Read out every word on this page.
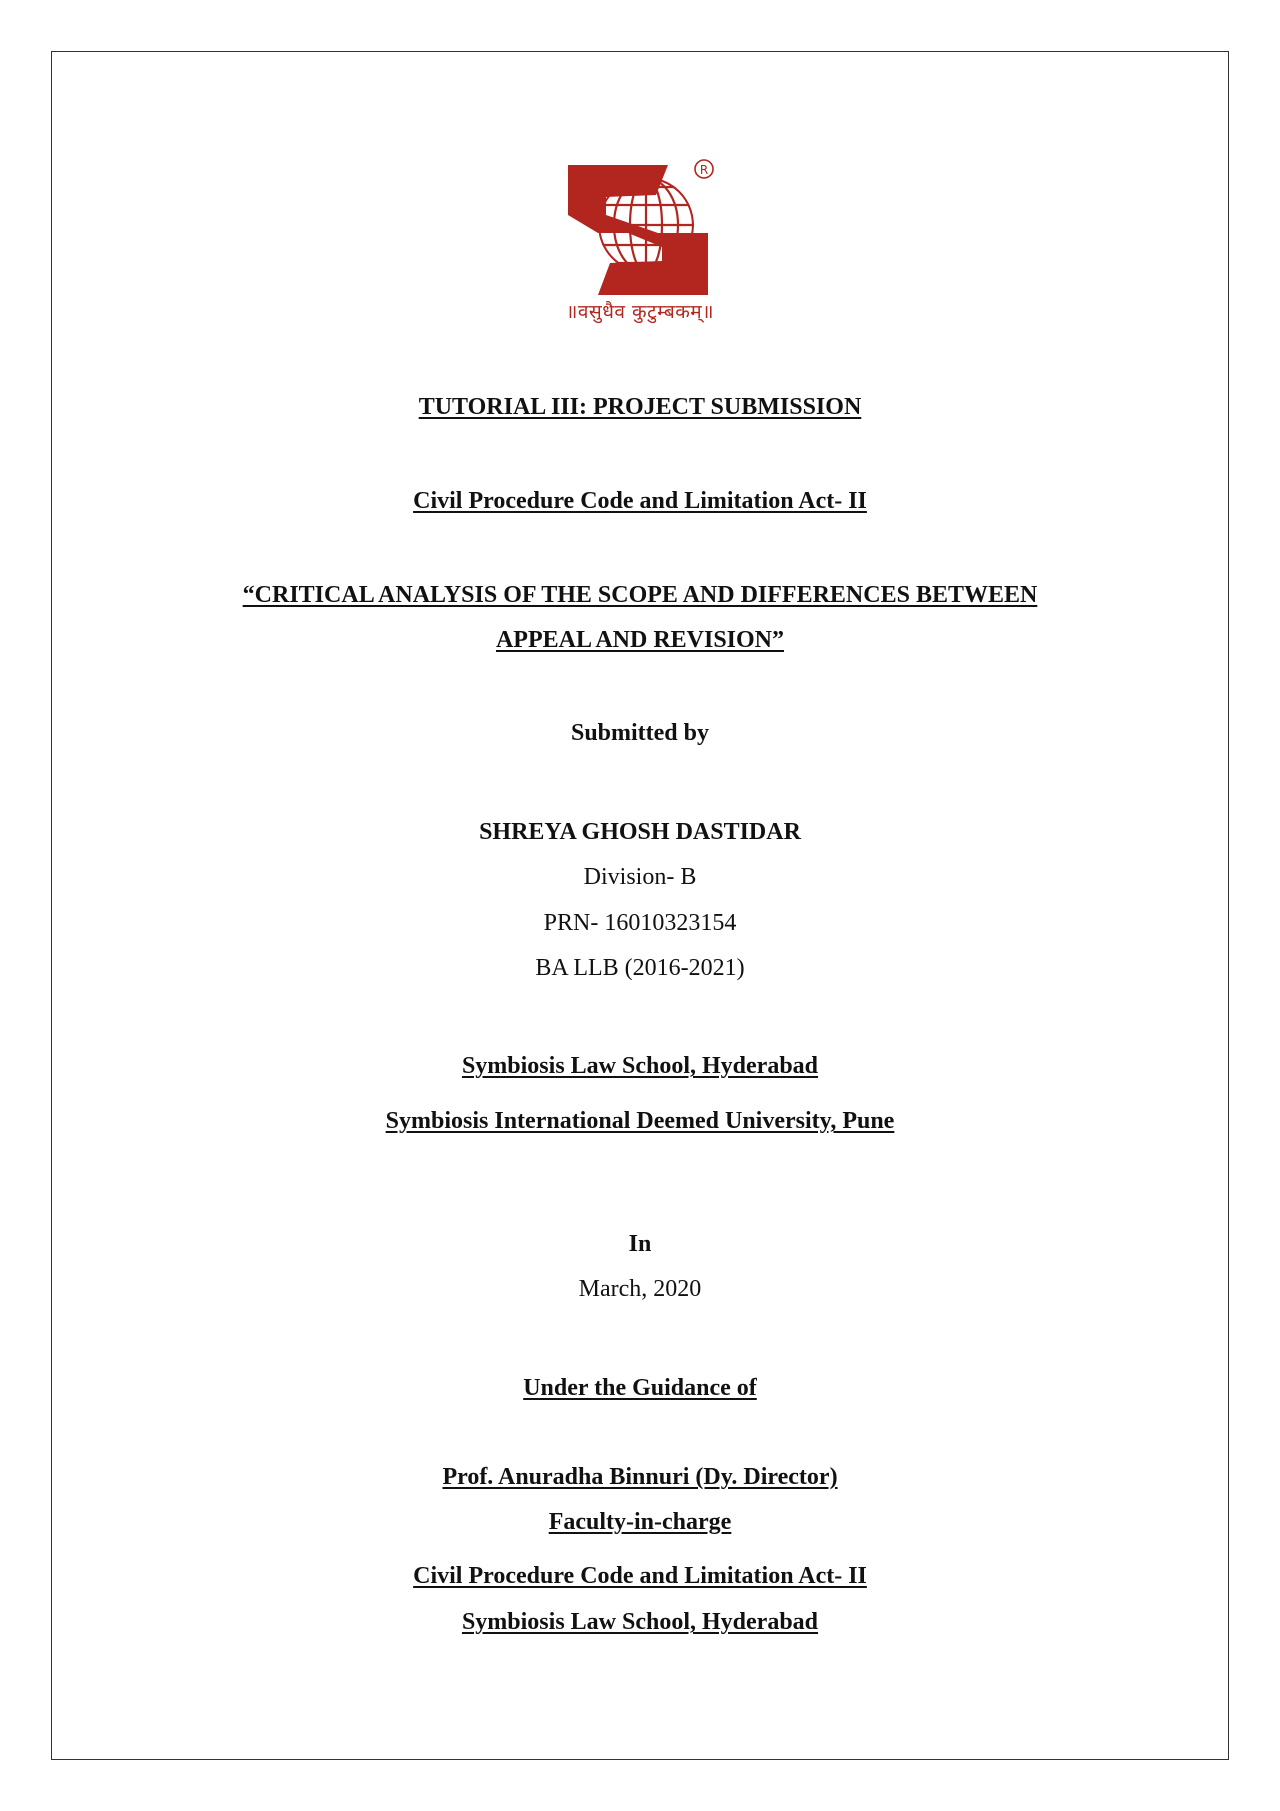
R
॥वसुधैव कुटुम्बकम्॥
TUTORIAL III: PROJECT SUBMISSION
Civil Procedure Code and Limitation Act- II
“CRITICAL ANALYSIS OF THE SCOPE AND DIFFERENCES BETWEEN
APPEAL AND REVISION”
Submitted by
SHREYA GHOSH DASTIDAR
Division- B
PRN- 16010323154
BA LLB (2016-2021)
Symbiosis Law School, Hyderabad
Symbiosis International Deemed University, Pune
In
March, 2020
Under the Guidance of
Prof. Anuradha Binnuri (Dy. Director)
Faculty-in-charge
Civil Procedure Code and Limitation Act- II
Symbiosis Law School, Hyderabad
